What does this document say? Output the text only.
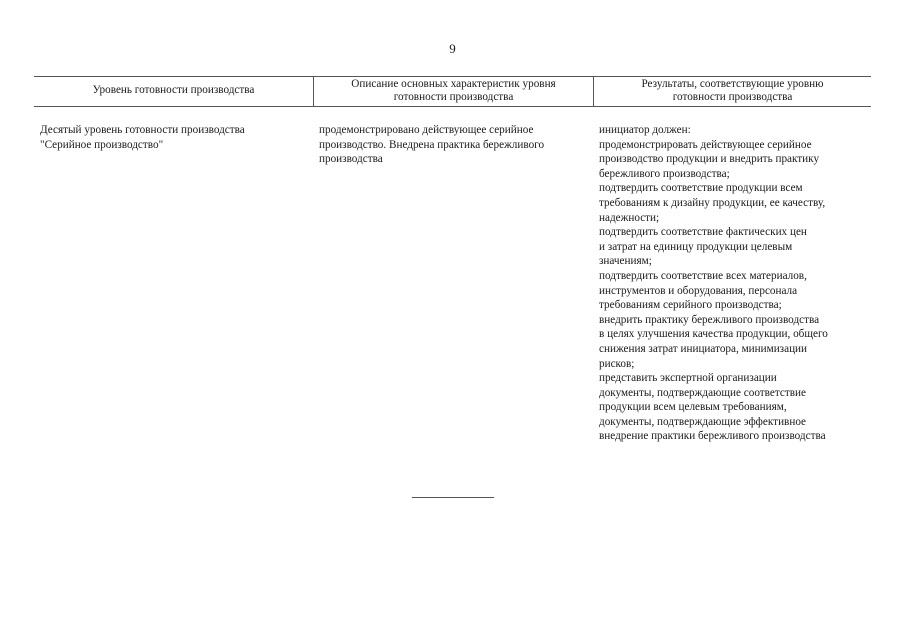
9
Уровень готовности производства
Описание основных характеристик уровня
готовности производства
Результаты, соответствующие уровню
готовности производства
Десятый уровень готовности производства
"Серийное производство"
продемонстрировано действующее серийное
производство. Внедрена практика бережливого
производства
инициатор должен:
продемонстрировать действующее серийное
производство продукции и внедрить практику
бережливого производства;
подтвердить соответствие продукции всем
требованиям к дизайну продукции, ее качеству,
надежности;
подтвердить соответствие фактических цен
и затрат на единицу продукции целевым
значениям;
подтвердить соответствие всех материалов,
инструментов и оборудования, персонала
требованиям серийного производства;
внедрить практику бережливого производства
в целях улучшения качества продукции, общего
снижения затрат инициатора, минимизации
рисков;
представить экспертной организации
документы, подтверждающие соответствие
продукции всем целевым требованиям,
документы, подтверждающие эффективное
внедрение практики бережливого производства
